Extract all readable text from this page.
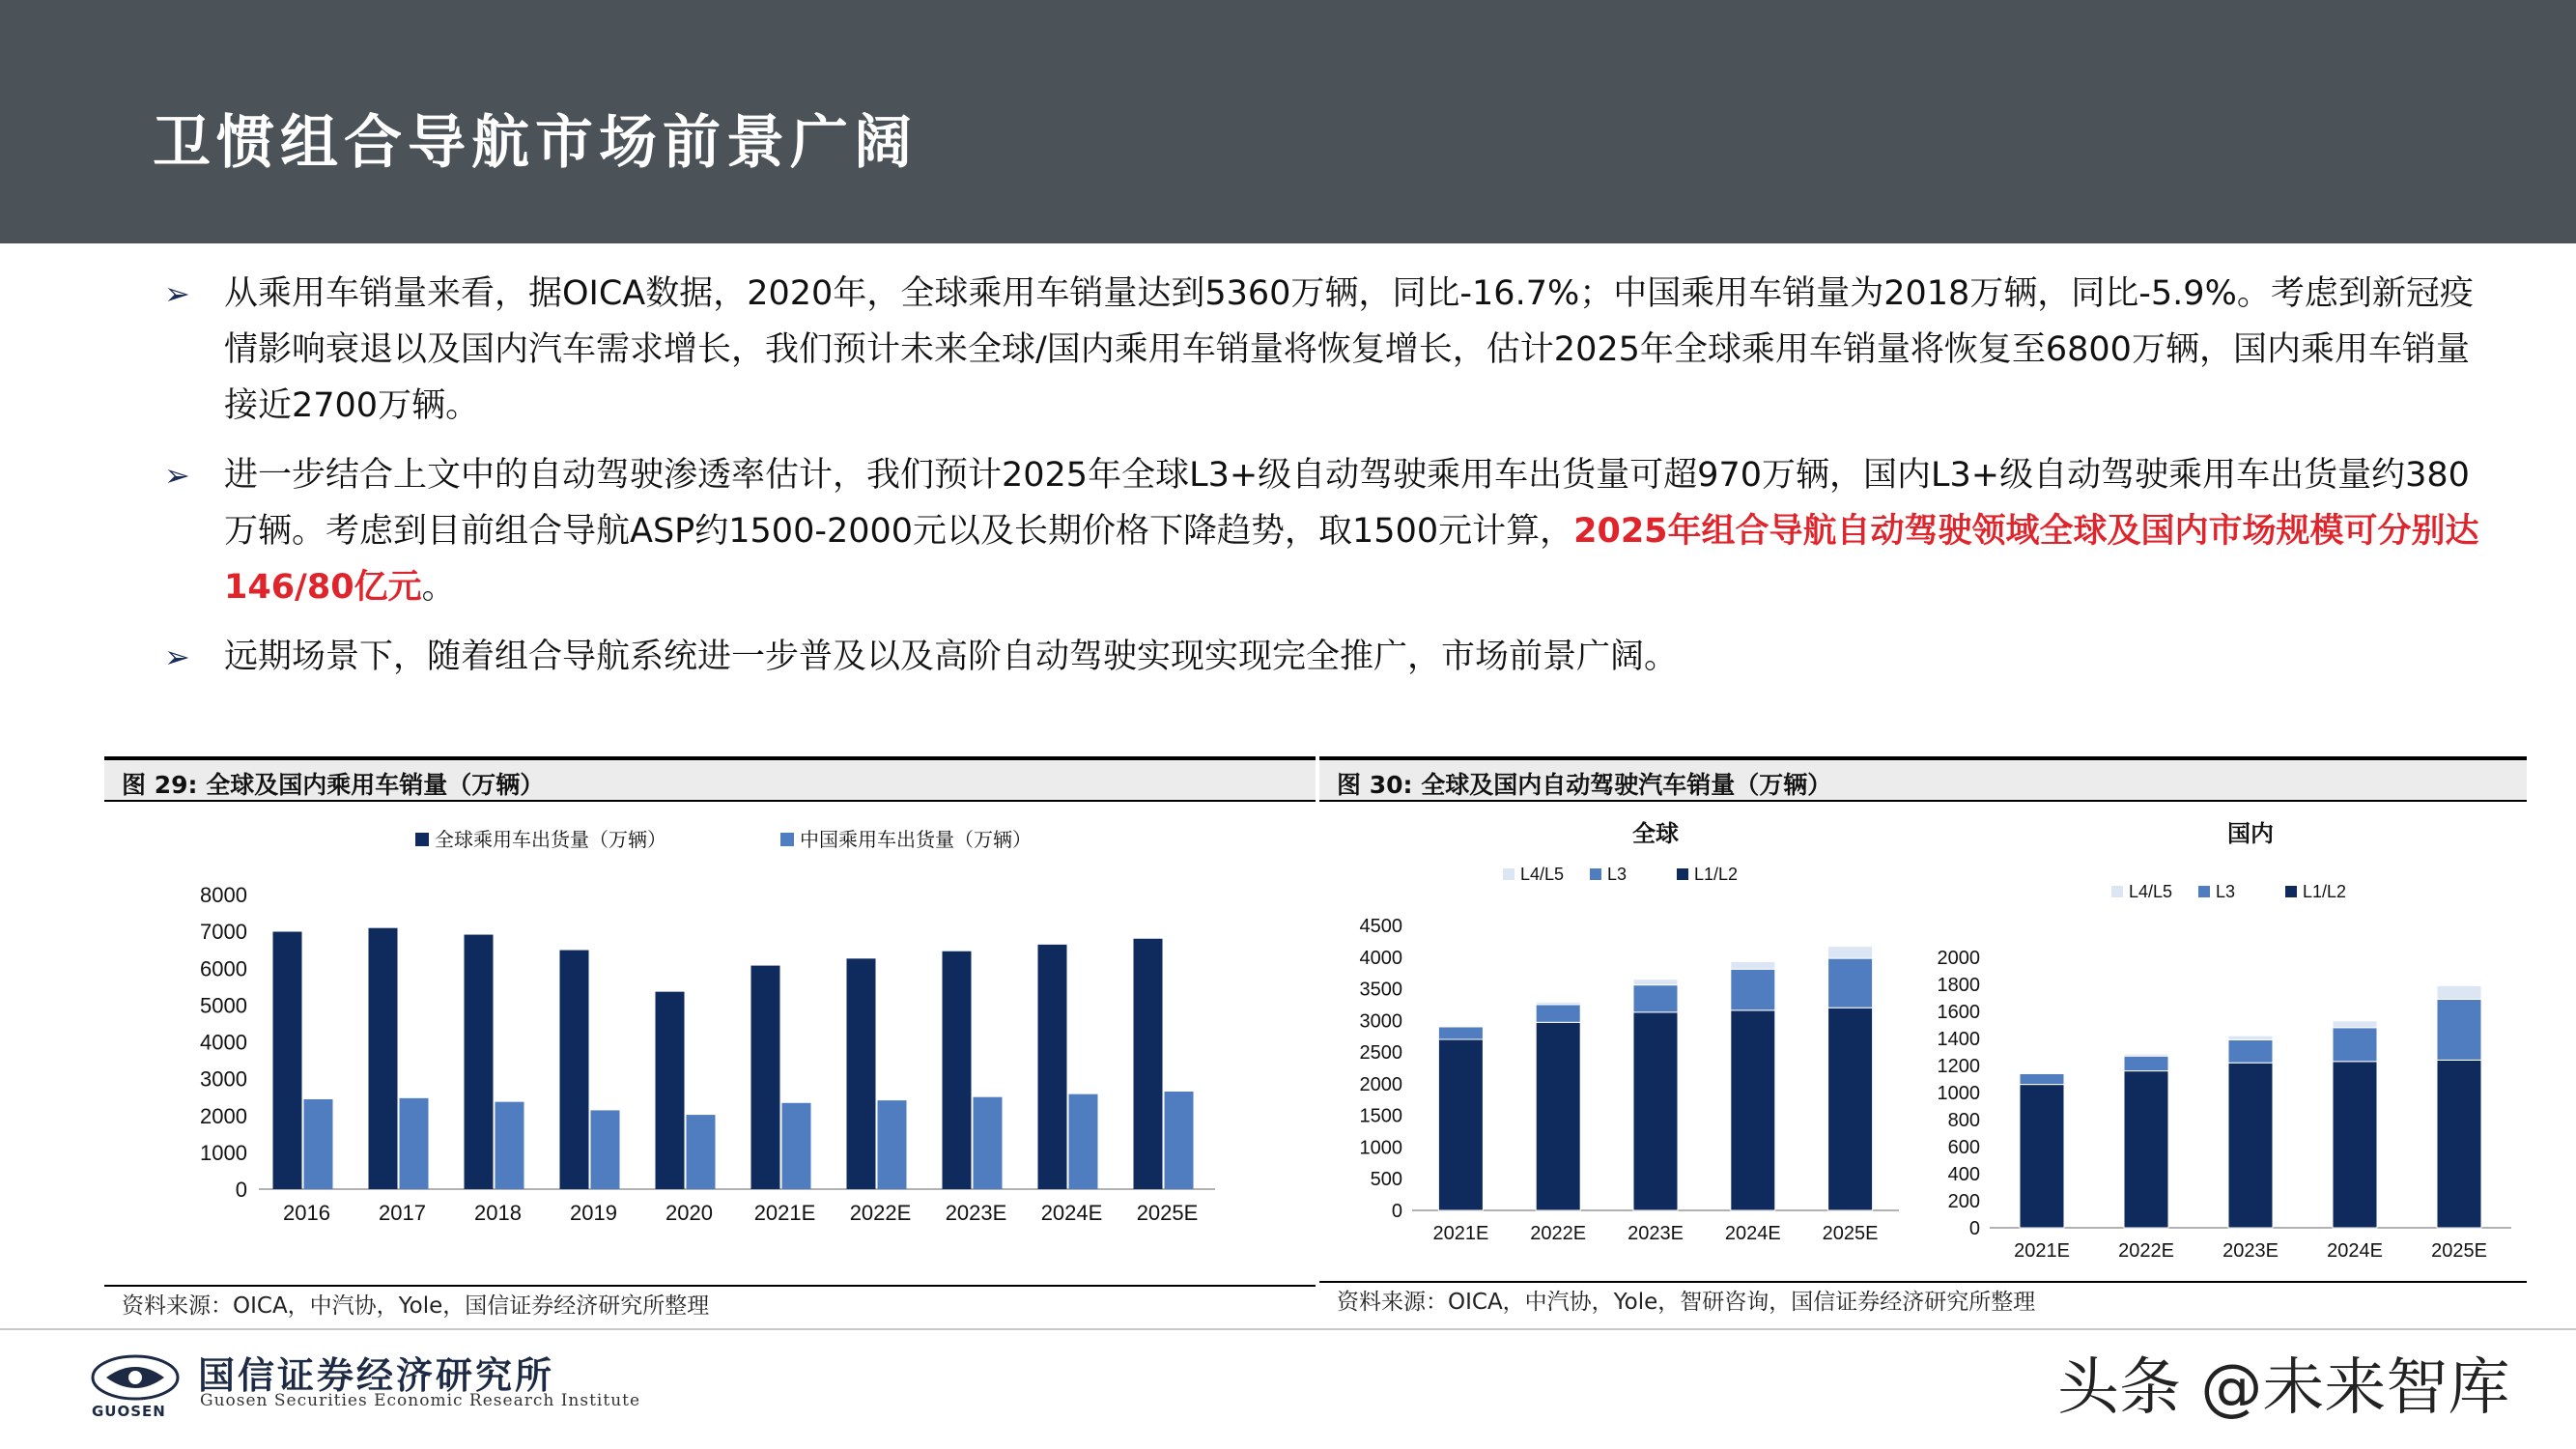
卫惯组合导航市场前景广阔
➢ 从乘用车销量来看，据OICA数据，2020年，全球乘用车销量达到5360万辆，同比-16.7%；中国乘用车销量为2018万辆，同比-5.9%。考虑到新冠疫情影响衰退以及国内汽车需求增长，我们预计未来全球/国内乘用车销量将恢复增长，估计2025年全球乘用车销量将恢复至6800万辆，国内乘用车销量接近2700万辆。
➢ 进一步结合上文中的自动驾驶渗透率估计，我们预计2025年全球L3+级自动驾驶乘用车出货量可超970万辆，国内L3+级自动驾驶乘用车出货量约380万辆。考虑到目前组合导航ASP约1500-2000元以及长期价格下降趋势，取1500元计算，2025年组合导航自动驾驶领域全球及国内市场规模可分别达146/80亿元。
➢ 远期场景下，随着组合导航系统进一步普及以及高阶自动驾驶实现实现完全推广，市场前景广阔。
图 29: 全球及国内乘用车销量（万辆）
8000
7000
6000
5000
4000
3000
2000
1000
0
2016 2017 2018 2019 2020 2021E 2022E 2023E 2024E 2025E
全球乘用车出货量（万辆）	中国乘用车出货量（万辆）
资料来源：OICA，中汽协，Yole，国信证券经济研究所整理
图 30: 全球及国内自动驾驶汽车销量（万辆）
4500
4000
3500
3000
2500
2000
1500
1000
500
0
2021E 2022E 2023E 2024E 2025E
全球
L4/L5 L3	L1/L2
2000
1800
1600
1400
1200
1000
800
600
400
200
0
2021E	2022E	2023E	2024E	2025E
国内
L4/L5 L3	L1/L2
资料来源：OICA，中汽协，Yole，智研咨询，国信证券经济研究所整理
GUOSEN
国信证券经济研究所
Guosen Securities Economic Research Institute	头条 @未来智库
